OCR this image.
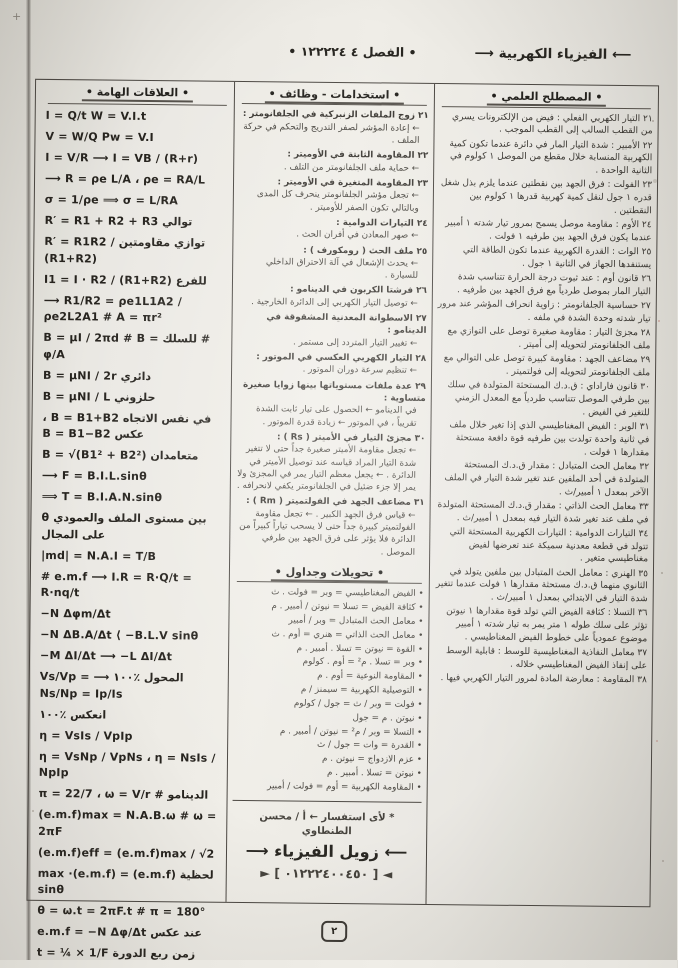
+
⟵ الفيزياء الكهربية ⟶
• الفصل ٤ ١٢٢٢٢٤ •
• المصطلح العلمي •

٢١ التيار الكهربي الفعلي : فيض من الإلكترونات يسري من القطب السالب إلى القطب الموجب .

٢٢ الأمبير : شدة التيار المار في دائرة عندما تكون كمية الكهربية المنسابة خلال مقطع من الموصل ١ كولوم في الثانية الواحدة .

٢٣ الفولت : فرق الجهد بين نقطتين عندما يلزم بذل شغل قدره ١ جول لنقل كمية كهربية قدرها ١ كولوم بين النقطتين .

٢٤ الأوم : مقاومة موصل يسمح بمرور تيار شدته ١ أمبير عندما يكون فرق الجهد بين طرفيه ١ فولت .

٢٥ الوات : القدرة الكهربية عندما تكون الطاقة التي يستنفدها الجهاز في الثانية ١ جول .

٢٦ قانون أوم : عند ثبوت درجة الحرارة تتناسب شدة التيار المار بموصل طردياً مع فرق الجهد بين طرفيه .

٢٧ حساسية الجلفانومتر : زاوية انحراف المؤشر عند مرور تيار شدته وحدة الشدة في ملفه .

٢٨ مجزئ التيار : مقاومة صغيرة توصل على التوازي مع ملف الجلفانومتر لتحويله إلى أميتر .

٢٩ مضاعف الجهد : مقاومة كبيرة توصل على التوالي مع ملف الجلفانومتر لتحويله إلى فولتميتر .

٣٠ قانون فاراداي : ق.د.ك المستحثة المتولدة في سلك بين طرفي الموصل تتناسب طردياً مع المعدل الزمني للتغير في الفيض .

٣١ الوبر : الفيض المغناطيسي الذي إذا تغير خلال ملف في ثانية واحدة تولدت بين طرفيه قوة دافعة مستحثة مقدارها ١ فولت .

٣٢ معامل الحث المتبادل : مقدار ق.د.ك المستحثة المتولدة في أحد الملفين عند تغير شدة التيار في الملف الآخر بمعدل ١ أمبير/ث .

٣٣ معامل الحث الذاتي : مقدار ق.د.ك المستحثة المتولدة في ملف عند تغير شدة التيار فيه بمعدل ١ أمبير/ث .

٣٤ التيارات الدوامية : التيارات الكهربية المستحثة التي تتولد في قطعة معدنية سميكة عند تعرضها لفيض مغناطيسي متغير .

٣٥ الهنري : معامل الحث المتبادل بين ملفين يتولد في الثانوي منهما ق.د.ك مستحثة مقدارها ١ فولت عندما تتغير شدة التيار في الابتدائي بمعدل ١ أمبير/ث .

٣٦ التسلا : كثافة الفيض التي تولد قوة مقدارها ١ نيوتن تؤثر على سلك طوله ١ متر يمر به تيار شدته ١ أمبير موضوع عمودياً على خطوط الفيض المغناطيسي .

٣٧ معامل النفاذية المغناطيسية للوسط : قابلية الوسط على إنفاذ الفيض المغناطيسي خلاله .

٣٨ المقاومة : معارضة المادة لمرور التيار الكهربي فيها .

• استخدامات - وظائف •

٢١ زوج الملفات الزنبركية في الجلفانومتر :

← إعادة المؤشر لصفر التدريج والتحكم في حركة الملف .

٢٢ المقاومة الثابتة في الأوميتر :

← حماية ملف الجلفانومتر من التلف .

٢٣ المقاومة المتغيرة في الأوميتر :

← تجعل مؤشر الجلفانومتر ينحرف كل المدى وبالتالي تكون الصفر للأوميتر .

٢٤ التيارات الدوامية :

← صهر المعادن في أفران الحث .

٢٥ ملف الحث ( رومكورف ) :

← يحدث الإشعال في آلة الاحتراق الداخلي للسيارة .

٢٦ فرشتا الكربون في الدينامو :

← توصيل التيار الكهربي إلى الدائرة الخارجية .

٢٧ الاسطوانة المعدنية المشقوقة في الدينامو :

← تغيير التيار المتردد إلى مستمر .

٢٨ التيار الكهربي العكسي في الموتور :

← تنظيم سرعة دوران الموتور .

٢٩ عدة ملفات مستوياتها بينها زوايا صغيرة متساوية :

في الدينامو ← الحصول على تيار ثابت الشدة تقريباً ، في الموتور ← زيادة قدرة الموتور .

٣٠ مجزئ التيار في الأميتر ( Rs ) :

← تجعل مقاومة الأميتر صغيرة جداً حتى لا تتغير شدة التيار المراد قياسه عند توصيل الأميتر في الدائرة . ← يجعل معظم التيار يمر في المجزئ ولا يمر إلا جزء ضئيل في الجلفانومتر يكفي لانحرافه .

٣١ مضاعف الجهد في الفولتميتر ( Rm ) :

← قياس فرق الجهد الكبير . ← تجعل مقاومة الفولتميتر كبيرة جداً حتى لا يسحب تياراً كبيراً من الدائرة فلا يؤثر على فرق الجهد بين طرفي الموصل .

• تحويلات وجداول •

• الفيض المغناطيسي = وبر = فولت . ث

• كثافة الفيض = تسلا = نيوتن / أمبير . م

• معامل الحث المتبادل = وبر / أمبير

• معامل الحث الذاتي = هنري = أوم . ث

• القوة = نيوتن = تسلا . أمبير . م

• وبر = تسلا . م² = أوم . كولوم

• المقاومة النوعية = أوم . م

• التوصيلية الكهربية = سيمنز / م

• فولت = وبر / ث = جول / كولوم

• نيوتن . م = جول

• التسلا = وبر / م² = نيوتن / أمبير . م

• القدرة = وات = جول / ث

• عزم الازدواج = نيوتن . م

• نيوتن = تسلا . أمبير . م

• المقاومة الكهربية = أوم = فولت / أمبير

* لأى استفسار ← أ / محسن الطنطاوي

⟵ زويل الفيزياء ⟶

◄ [ ٠١٢٢٢٤٠٠٤٥٠ ] ►

• العلاقات الهامة •

I = Q/t W = V.I.t

V = W/Q Pw = V.I

I = V/R ⟶ I = VB / (R+r)

⟶ R = ρe L/A ، ρe = RA/L

σ = 1/ρe ⟹ σ = L/RA

توالي R′ = R1 + R2 + R3

توازي مقاومتين R′ = R1R2 / (R1+R2)

للفرع I1 = I · R2 / (R1+R2)

⟶ R1/R2 = ρe1L1A2 / ρe2L2A1 # A = πr²

# للسلك B = μI / 2πd # B = φ/A

دائري B = μNI / 2r

حلزوني B = μNI / L

في نفس الاتجاه B = B1+B2 ، عكس B = B1−B2

متعامدان B = √(B1² + B2²)

⟶ F = B.I.L.sinθ

⟹ T = B.I.A.N.sinθ

θ بين مستوى الملف والعمودي على المجال

|md| = N.A.I = T/B

# e.m.f ⟶ I.R = R·Q/t = R·nq/t

−N Δφm/Δt

−N ΔB.A/Δt ⟨ −B.L.V sinθ

−M ΔI/Δt ⟶ −L ΔI/Δt

المحول ٪١٠٠ ⟶ Vs/Vp = Ns/Np = Ip/Is

انعكس ٪١٠٠

η = VsIs / VpIp

η = VsNp / VpNs ، η = NsIs / NpIp

الدينامو # π = 22/7 ، ω = V/r

(e.m.f)max = N.A.B.ω # ω = 2πF

(e.m.f)eff = (e.m.f)max / √2

لحظية (e.m.f) = (e.m.f)max · sinθ

θ = ω.t = 2πF.t # π = 180°

عند عكس e.m.f = −N Δφ/Δt

زمن ربع الدورة t = ¼ × 1/F

٢
